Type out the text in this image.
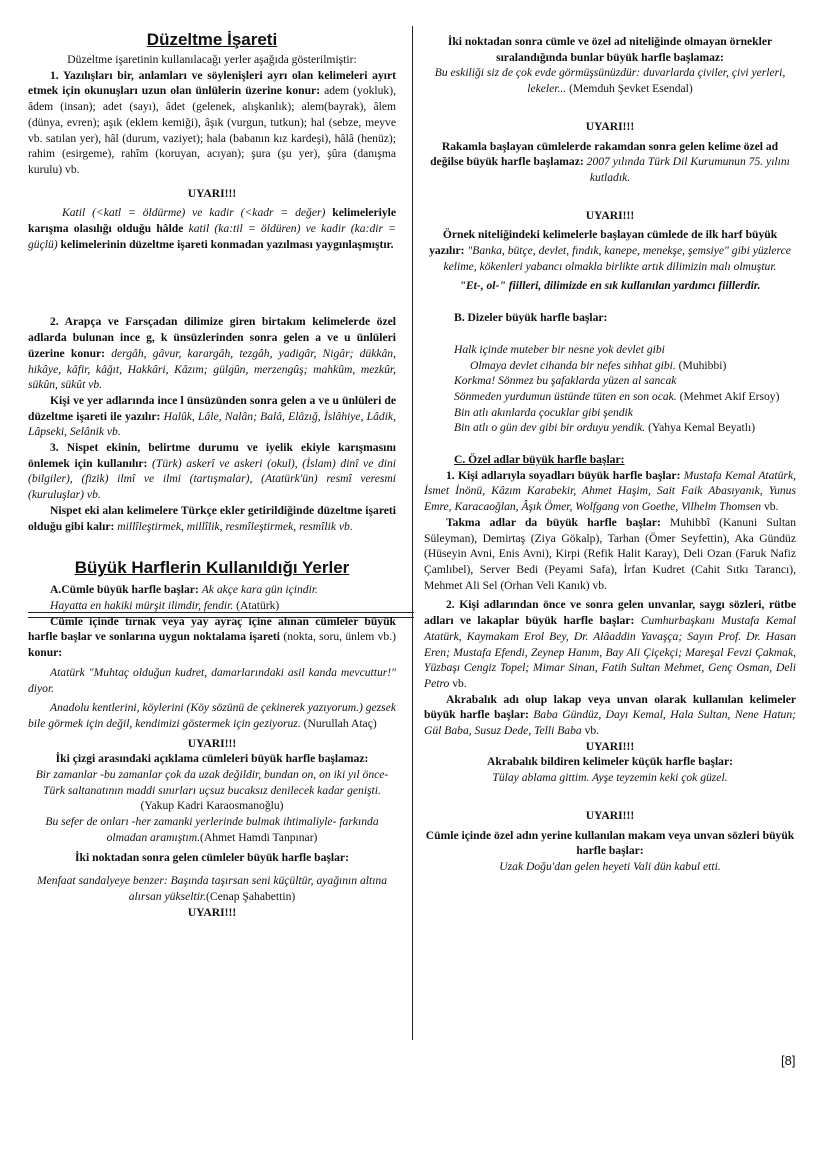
Düzeltme İşareti

Düzeltme işaretinin kullanılacağı yerler aşağıda gösterilmiştir:

1. Yazılışları bir, anlamları ve söylenişleri ayrı olan kelimeleri ayırt etmek için okunuşları uzun olan ünlülerin üzerine konur: adem (yokluk), âdem (insan); adet (sayı), âdet (gelenek, alışkanlık); alem(bayrak), âlem (dünya, evren); aşık (eklem kemiği), âşık (vurgun, tutkun); hal (sebze, meyve vb. satılan yer), hâl (durum, vaziyet); hala (babanın kız kardeşi), hâlâ (henüz); rahim (esirgeme), rahîm (koruyan, acıyan); şura (şu yer), şûra (danışma kurulu) vb.

UYARI!!!

Katil (<katl = öldürme) ve kadir (<kadr = değer) kelimeleriyle karışma olasılığı olduğu hâlde katil (ka:til = öldüren) ve kadir (ka:dir = güçlü) kelimelerinin düzeltme işareti konmadan yazılması yaygınlaşmıştır.

2. Arapça ve Farsçadan dilimize giren birtakım kelimelerde özel adlarda bulunan ince g, k ünsüzlerinden sonra gelen a ve u ünlüleri üzerine konur: dergâh, gâvur, karargâh, tezgâh, yadigâr, Nigâr; dükkân, hikâye, kâfir, kâğıt, Hakkâri, Kâzım; gülgûn, merzengûş; mahkûm, mezkûr, sükûn, sükût vb.

Kişi ve yer adlarında ince l ünsüzünden sonra gelen a ve u ünlüleri de düzeltme işareti ile yazılır: Halûk, Lâle, Nalân; Balâ, Elâzığ, İslâhiye, Lâdik, Lâpseki, Selânik vb.

3. Nispet ekinin, belirtme durumu ve iyelik ekiyle karışmasını önlemek için kullanılır: (Türk) askerî ve askeri (okul), (İslam) dinî ve dini (bilgiler), (fizik) ilmî ve ilmi (tartışmalar), (Atatürk'ün) resmî veresmi (kuruluşlar) vb.

Nispet eki alan kelimelere Türkçe ekler getirildiğinde düzeltme işareti olduğu gibi kalır: millîleştirmek, millîlik, resmîleştirmek, resmîlik vb.

Büyük Harflerin Kullanıldığı Yerler

A.Cümle büyük harfle başlar: Ak akçe kara gün içindir.

Hayatta en hakiki mürşit ilimdir, fendir. (Atatürk)

Cümle içinde tırnak veya yay ayraç içine alınan cümleler büyük harfle başlar ve sonlarına uygun noktalama işareti (nokta, soru, ünlem vb.) konur:

Atatürk "Muhtaç olduğun kudret, damarlarındaki asil kanda mevcuttur!" diyor.

Anadolu kentlerini, köylerini (Köy sözünü de çekinerek yazıyorum.) gezsek bile görmek için değil, kendimizi göstermek için geziyoruz. (Nurullah Ataç)

UYARI!!!

İki çizgi arasındaki açıklama cümleleri büyük harfle başlamaz:

Bir zamanlar -bu zamanlar çok da uzak değildir, bundan on, on iki yıl önce- Türk saltanatının maddi sınırları uçsuz bucaksız denilecek kadar genişti. (Yakup Kadri Karaosmanoğlu)

Bu sefer de onları -her zamanki yerlerinde bulmak ihtimaliyle- farkında olmadan aramıştım.(Ahmet Hamdi Tanpınar)

İki noktadan sonra gelen cümleler büyük harfle başlar:

Menfaat sandalyeye benzer: Başında taşırsan seni küçültür, ayağının altına alırsan yükseltir.(Cenap Şahabettin)

UYARI!!!

İki noktadan sonra cümle ve özel ad niteliğinde olmayan örnekler sıralandığında bunlar büyük harfle başlamaz:

Bu eskiliği siz de çok evde görmüşsünüzdür: duvarlarda çiviler, çivi yerleri, lekeler... (Memduh Şevket Esendal)

UYARI!!!

Rakamla başlayan cümlelerde rakamdan sonra gelen kelime özel ad değilse büyük harfle başlamaz: 2007 yılında Türk Dil Kurumunun 75. yılını kutladık.

UYARI!!!

Örnek niteliğindeki kelimelerle başlayan cümlede de ilk harf büyük yazılır: "Banka, bütçe, devlet, fındık, kanepe, menekşe, şemsiye" gibi yüzlerce kelime, kökenleri yabancı olmakla birlikte artık dilimizin malı olmuştur.

"Et-, ol-" fiilleri, dilimizde en sık kullanılan yardımcı fiillerdir.

B. Dizeler büyük harfle başlar:

Halk içinde muteber bir nesne yok devlet gibi

Olmaya devlet cihanda bir nefes sıhhat gibi. (Muhibbi)

Korkma! Sönmez bu şafaklarda yüzen al sancak

Sönmeden yurdumun üstünde tüten en son ocak. (Mehmet Akif Ersoy)

Bin atlı akınlarda çocuklar gibi şendik

Bin atlı o gün dev gibi bir orduyu yendik. (Yahya Kemal Beyatlı)

C. Özel adlar büyük harfle başlar:

1. Kişi adlarıyla soyadları büyük harfle başlar: Mustafa Kemal Atatürk, İsmet İnönü, Kâzım Karabekir, Ahmet Haşim, Sait Faik Abasıyanık, Yunus Emre, Karacaoğlan, Âşık Ömer, Wolfgang von Goethe, Vilhelm Thomsen vb.

Takma adlar da büyük harfle başlar: Muhibbî (Kanuni Sultan Süleyman), Demirtaş (Ziya Gökalp), Tarhan (Ömer Seyfettin), Aka Gündüz (Hüseyin Avni, Enis Avni), Kirpi (Refik Halit Karay), Deli Ozan (Faruk Nafiz Çamlıbel), Server Bedi (Peyami Safa), İrfan Kudret (Cahit Sıtkı Tarancı), Mehmet Ali Sel (Orhan Veli Kanık) vb.

2. Kişi adlarından önce ve sonra gelen unvanlar, saygı sözleri, rütbe adları ve lakaplar büyük harfle başlar: Cumhurbaşkanı Mustafa Kemal Atatürk, Kaymakam Erol Bey, Dr. Alâaddin Yavaşça; Sayın Prof. Dr. Hasan Eren; Mustafa Efendi, Zeynep Hanım, Bay Ali Çiçekçi; Mareşal Fevzi Çakmak, Yüzbaşı Cengiz Topel; Mimar Sinan, Fatih Sultan Mehmet, Genç Osman, Deli Petro vb.

Akrabalık adı olup lakap veya unvan olarak kullanılan kelimeler büyük harfle başlar: Baba Gündüz, Dayı Kemal, Hala Sultan, Nene Hatun; Gül Baba, Susuz Dede, Telli Baba vb.

UYARI!!!

Akrabalık bildiren kelimeler küçük harfle başlar:

Tülay ablama gittim. Ayşe teyzemin keki çok güzel.

UYARI!!!

Cümle içinde özel adın yerine kullanılan makam veya unvan sözleri büyük harfle başlar:

Uzak Doğu'dan gelen heyeti Vali dün kabul etti.

[8]
